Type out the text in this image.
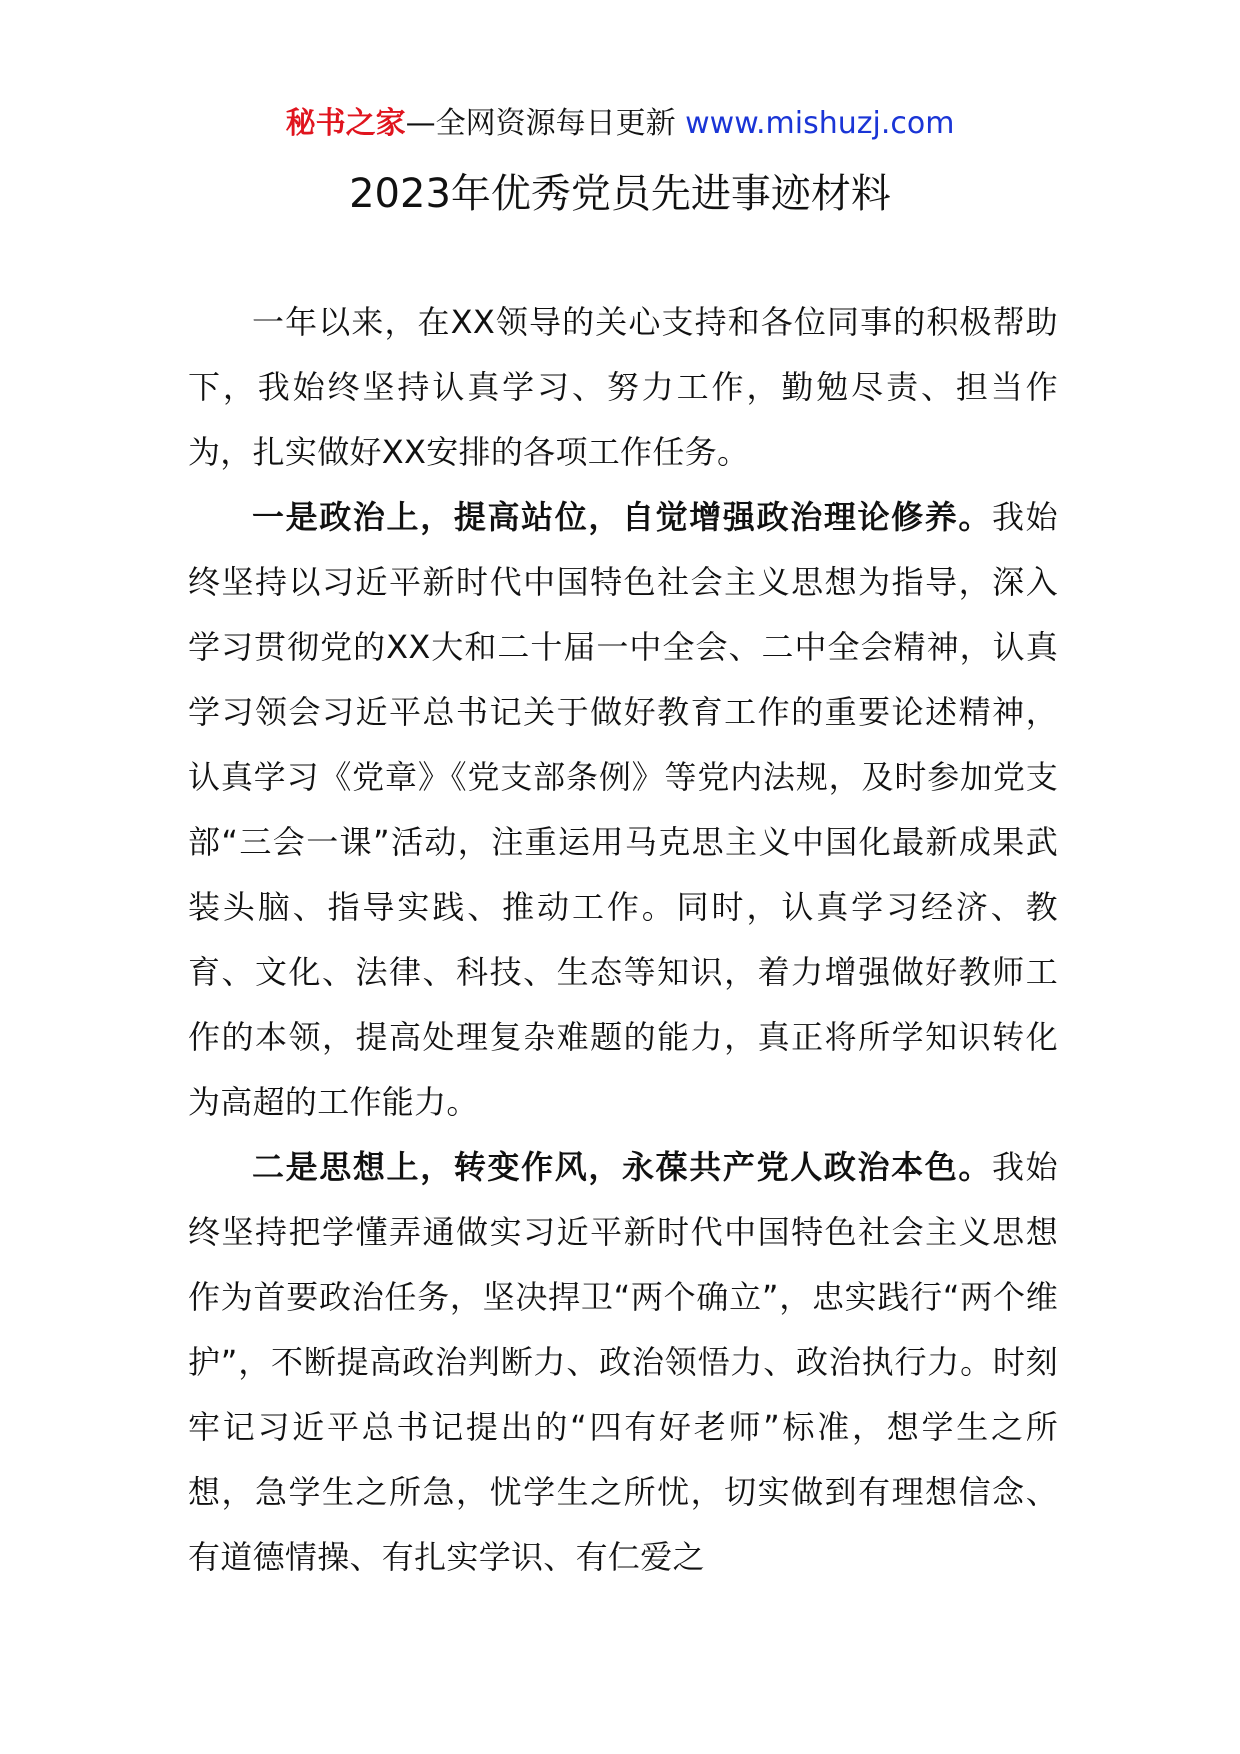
秘书之家—全网资源每日更新 www.mishuzj.com
2023年优秀党员先进事迹材料

一年以来，在XX领导的关心支持和各位同事的积极帮助下，我始终坚持认真学习、努力工作，勤勉尽责、担当作为，扎实做好XX安排的各项工作任务。

一是政治上，提高站位，自觉增强政治理论修养。我始终坚持以习近平新时代中国特色社会主义思想为指导，深入学习贯彻党的XX大和二十届一中全会、二中全会精神，认真学习领会习近平总书记关于做好教育工作的重要论述精神，认真学习《党章》《党支部条例》等党内法规，及时参加党支部“三会一课”活动，注重运用马克思主义中国化最新成果武装头脑、指导实践、推动工作。同时，认真学习经济、教育、文化、法律、科技、生态等知识，着力增强做好教师工作的本领，提高处理复杂难题的能力，真正将所学知识转化为高超的工作能力。

二是思想上，转变作风，永葆共产党人政治本色。我始终坚持把学懂弄通做实习近平新时代中国特色社会主义思想作为首要政治任务，坚决捍卫“两个确立”，忠实践行“两个维护”，不断提高政治判断力、政治领悟力、政治执行力。时刻牢记习近平总书记提出的“四有好老师”标准，想学生之所想，急学生之所急，忧学生之所忧，切实做到有理想信念、有道德情操、有扎实学识、有仁爱之
